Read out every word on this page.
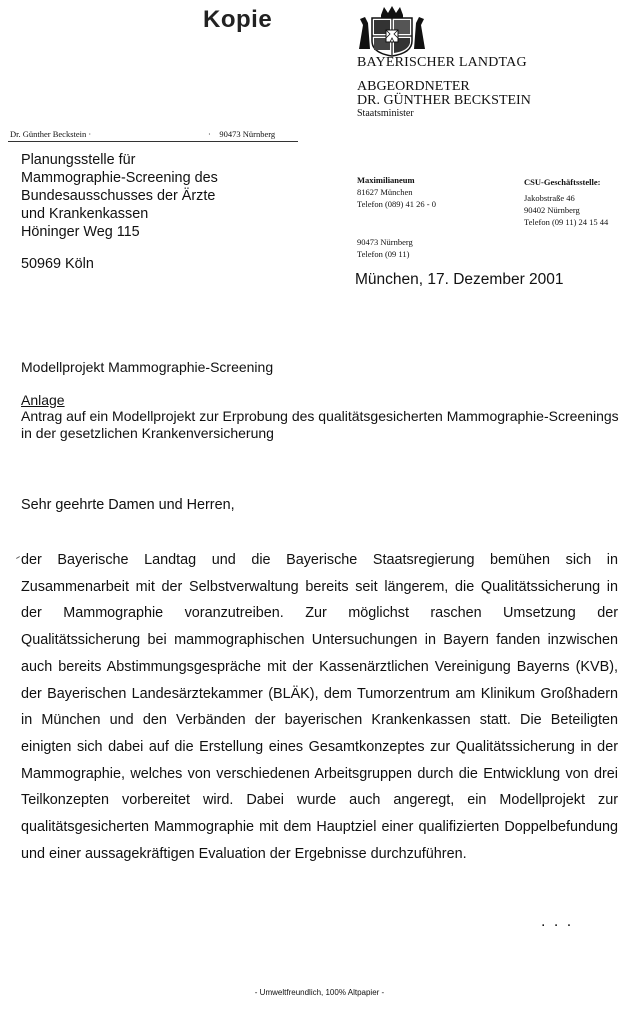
Kopie
BAYERISCHER LANDTAG
ABGEORDNETER
DR. GÜNTHER BECKSTEIN
Staatsminister
Dr. Günther Beckstein ·	· 90473 Nürnberg
Planungsstelle für
Mammographie-Screening des
Bundesausschusses der Ärzte
und Krankenkassen
Höninger Weg 115
50969 Köln
Maximilianeum
81627 München
Telefon (089) 41 26 - 0
90473 Nürnberg
Telefon (09 11)
CSU-Geschäftsstelle:
Jakobstraße 46
90402 Nürnberg
Telefon (09 11) 24 15 44
München, 17. Dezember 2001
Modellprojekt Mammographie-Screening
Anlage
Antrag auf ein Modellprojekt zur Erprobung des qualitätsgesicherten Mammographie-Screenings in der gesetzlichen Krankenversicherung
Sehr geehrte Damen und Herren,
der Bayerische Landtag und die Bayerische Staatsregierung bemühen sich in Zusammenarbeit mit der Selbstverwaltung bereits seit längerem, die Qualitätssicherung in der Mammographie voranzutreiben. Zur möglichst raschen Umsetzung der Qualitätssicherung bei mammographischen Untersuchungen in Bayern fanden inzwischen auch bereits Abstimmungsgespräche mit der Kassenärztlichen Vereinigung Bayerns (KVB), der Bayerischen Landesärztekammer (BLÄK), dem Tumorzentrum am Klinikum Großhadern in München und den Verbänden der bayerischen Krankenkassen statt. Die Beteiligten einigten sich dabei auf die Erstellung eines Gesamtkonzeptes zur Qualitätssicherung in der Mammographie, welches von verschiedenen Arbeitsgruppen durch die Entwicklung von drei Teilkonzepten vorbereitet wird. Dabei wurde auch angeregt, ein Modellprojekt zur qualitätsgesicherten Mammographie mit dem Hauptziel einer qualifizierten Doppelbefundung und einer aussagekräftigen Evaluation der Ergebnisse durchzuführen.
. . .
- Umweltfreundlich, 100% Altpapier -
